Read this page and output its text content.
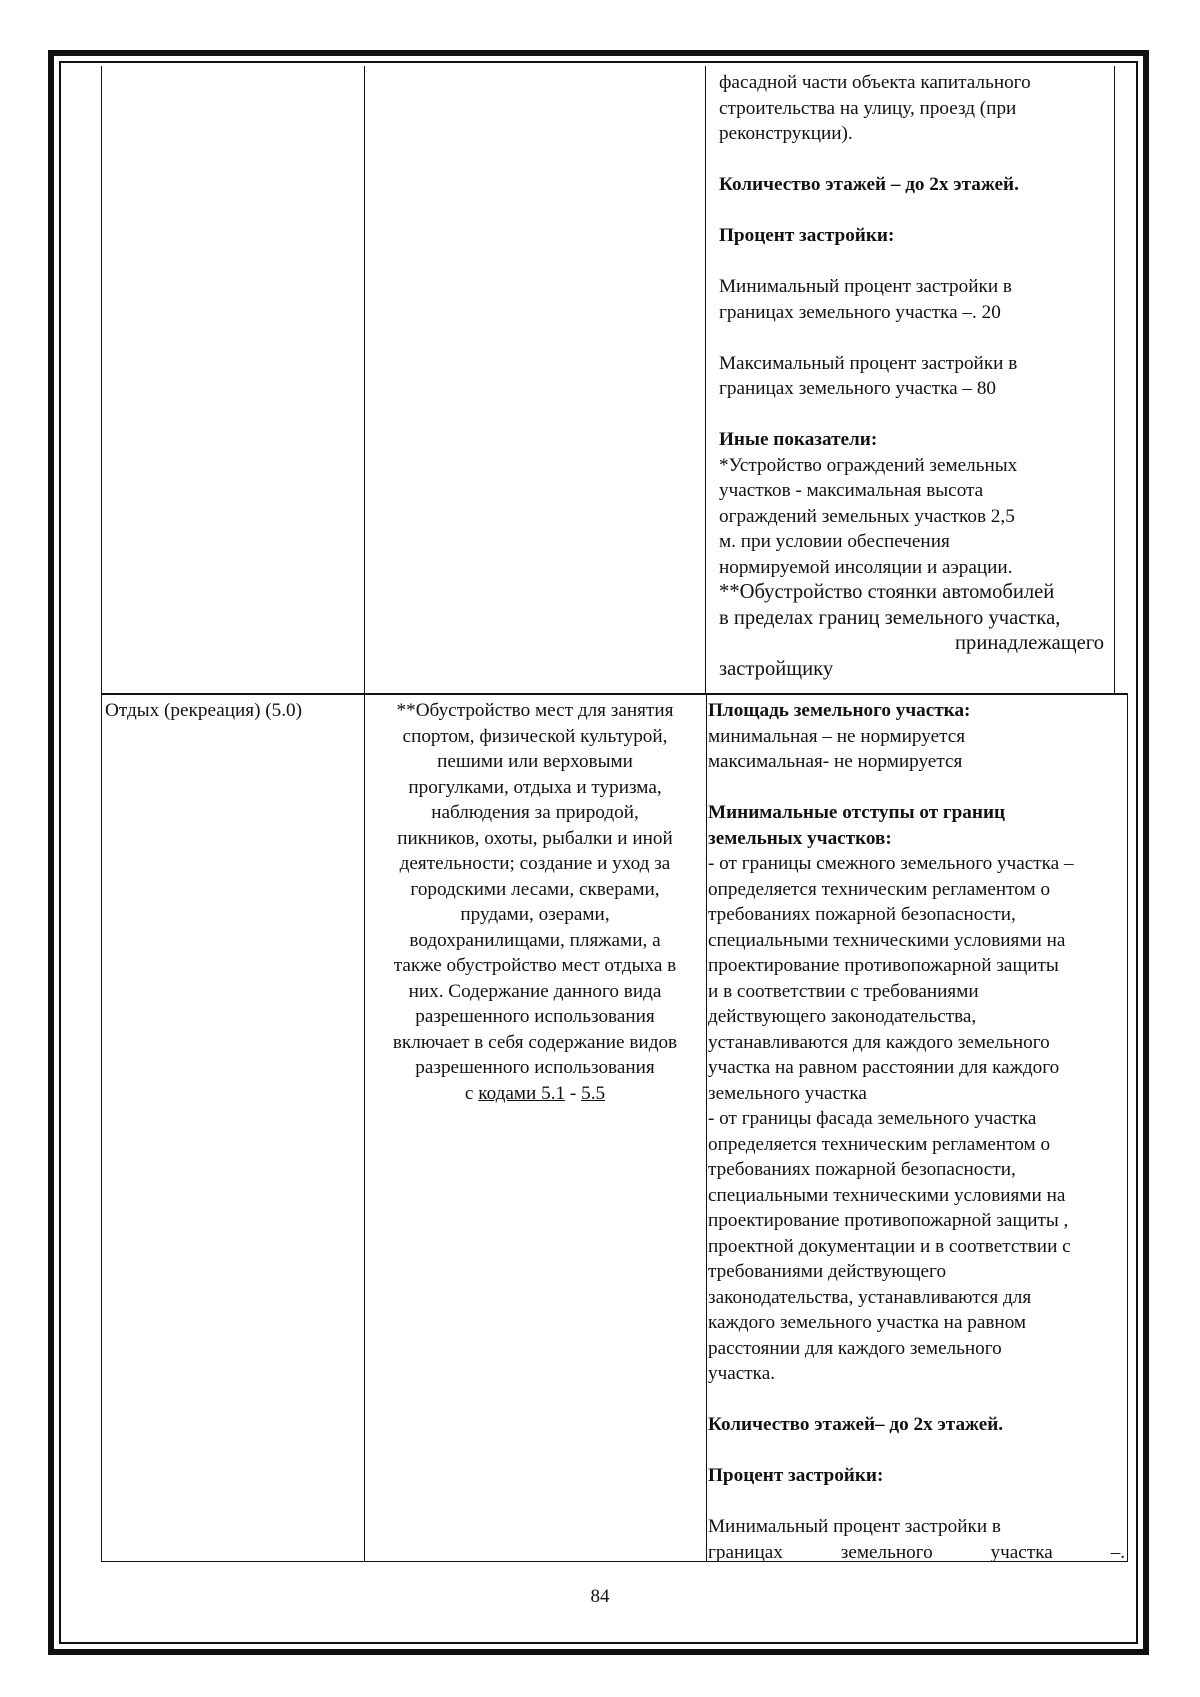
фасадной части объекта капитального

строительства на улицу, проезд (при

реконструкции).

Количество этажей – до 2х этажей.

Процент застройки:

Минимальный процент застройки в

границах земельного участка –. 20

Максимальный процент застройки в

границах земельного участка – 80

Иные показатели:

*Устройство ограждений земельных

участков - максимальная высота

ограждений земельных участков 2,5

м. при условии обеспечения

нормируемой инсоляции и аэрации.

**Обустройство стоянки автомобилей

в пределах границ земельного участка,

принадлежащего

застройщику

Отдых (рекреация) (5.0)	**Обустройство мест для занятия

спортом, физической культурой,

пешими или верховыми

прогулками, отдыха и туризма,

наблюдения за природой,

пикников, охоты, рыбалки и иной

деятельности; создание и уход за

городскими лесами, скверами,

прудами, озерами,

водохранилищами, пляжами, а

также обустройство мест отдыха в

них. Содержание данного вида

разрешенного использования

включает в себя содержание видов

разрешенного использования

с кодами 5.1 - 5.5

Площадь земельного участка:

минимальная – не нормируется

максимальная- не нормируется

Минимальные отступы от границ

земельных участков:

- от границы смежного земельного участка –

определяется техническим регламентом о

требованиях пожарной безопасности,

специальными техническими условиями на

проектирование противопожарной защиты

и в соответствии с требованиями

действующего законодательства,

устанавливаются для каждого земельного

участка на равном расстоянии для каждого

земельного участка

- от границы фасада земельного участка

определяется техническим регламентом о

требованиях пожарной безопасности,

специальными техническими условиями на

проектирование противопожарной защиты ,

проектной документации и в соответствии с

требованиями действующего

законодательства, устанавливаются для

каждого земельного участка на равном

расстоянии для каждого земельного

участка.

Количество этажей– до 2х этажей.

Процент застройки:

Минимальный процент застройки в

границах земельного участка –.

84
